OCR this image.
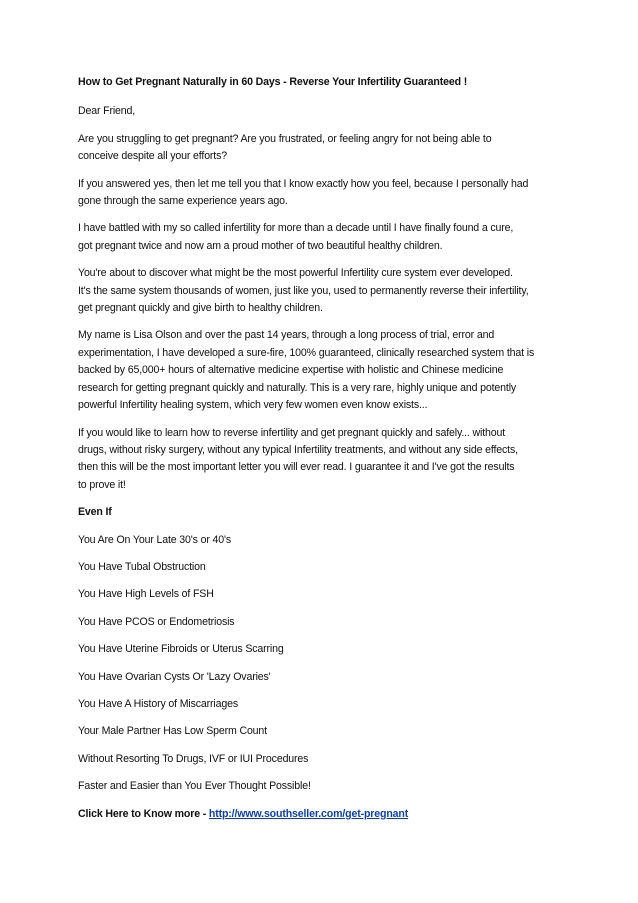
How to Get Pregnant Naturally in 60 Days - Reverse Your Infertility Guaranteed !

Dear Friend,

Are you struggling to get pregnant? Are you frustrated, or feeling angry for not being able to

conceive despite all your efforts?

If you answered yes, then let me tell you that I know exactly how you feel, because I personally had

gone through the same experience years ago.

I have battled with my so called infertility for more than a decade until I have finally found a cure,

got pregnant twice and now am a proud mother of two beautiful healthy children.

You're about to discover what might be the most powerful Infertility cure system ever developed.

It's the same system thousands of women, just like you, used to permanently reverse their infertility,

get pregnant quickly and give birth to healthy children.

My name is Lisa Olson and over the past 14 years, through a long process of trial, error and

experimentation, I have developed a sure-fire, 100% guaranteed, clinically researched system that is

backed by 65,000+ hours of alternative medicine expertise with holistic and Chinese medicine

research for getting pregnant quickly and naturally. This is a very rare, highly unique and potently

powerful Infertility healing system, which very few women even know exists...

If you would like to learn how to reverse infertility and get pregnant quickly and safely... without

drugs, without risky surgery, without any typical Infertility treatments, and without any side effects,

then this will be the most important letter you will ever read. I guarantee it and I've got the results

to prove it!

Even If

You Are On Your Late 30's or 40's

You Have Tubal Obstruction

You Have High Levels of FSH

You Have PCOS or Endometriosis

You Have Uterine Fibroids or Uterus Scarring

You Have Ovarian Cysts Or 'Lazy Ovaries'

You Have A History of Miscarriages

Your Male Partner Has Low Sperm Count

Without Resorting To Drugs, IVF or IUI Procedures

Faster and Easier than You Ever Thought Possible!

Click Here to Know more - http://www.southseller.com/get-pregnant
